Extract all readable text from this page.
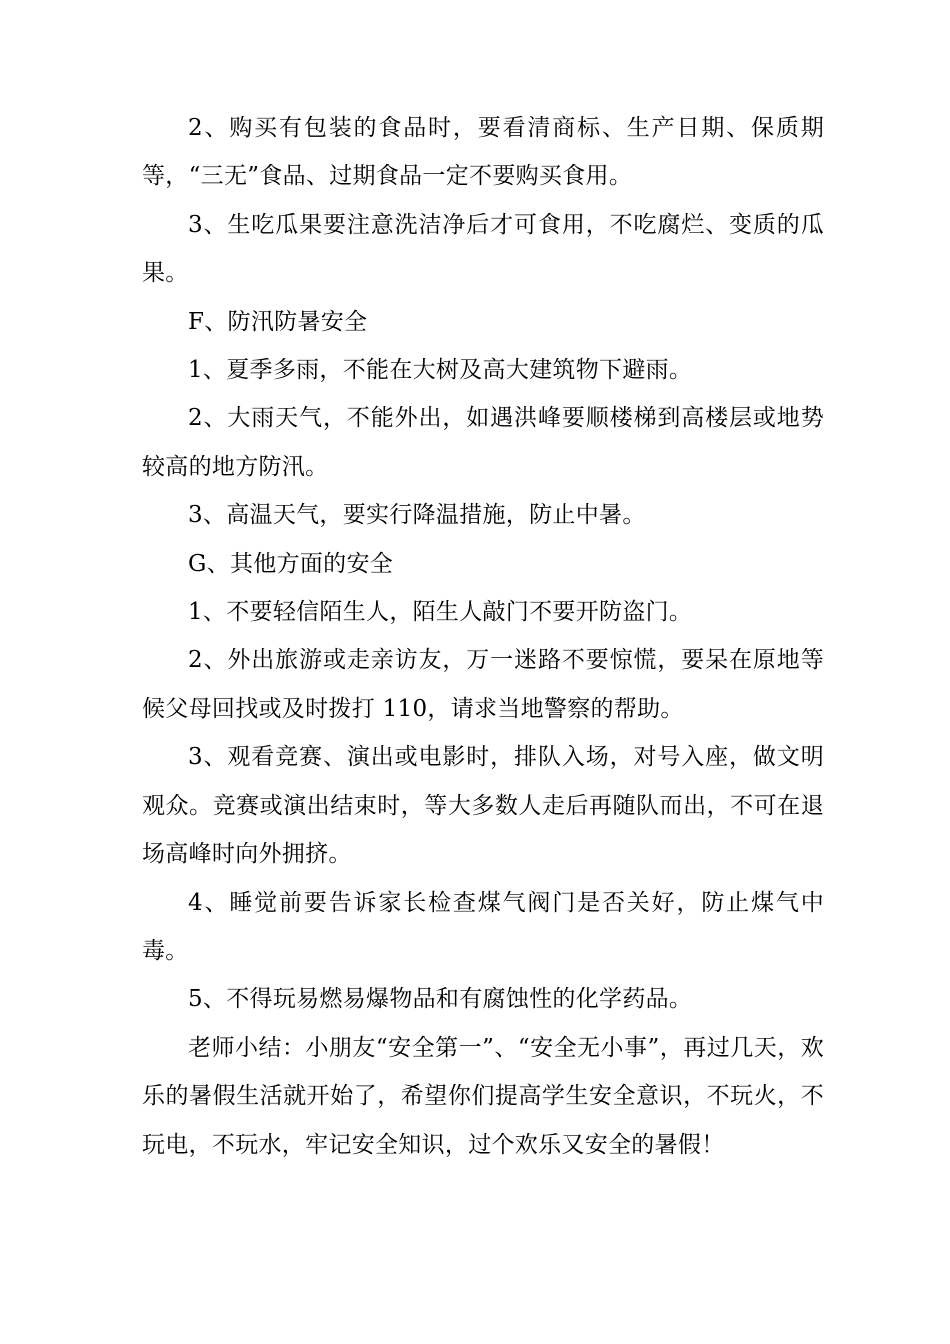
2、购买有包装的食品时，要看清商标、生产日期、保质期等，“三无”食品、过期食品一定不要购买食用。

3、生吃瓜果要注意洗洁净后才可食用，不吃腐烂、变质的瓜果。

F、防汛防暑安全

1、夏季多雨，不能在大树及高大建筑物下避雨。

2、大雨天气，不能外出，如遇洪峰要顺楼梯到高楼层或地势较高的地方防汛。

3、高温天气，要实行降温措施，防止中暑。

G、其他方面的安全

1、不要轻信陌生人，陌生人敲门不要开防盗门。

2、外出旅游或走亲访友，万一迷路不要惊慌，要呆在原地等候父母回找或及时拨打 110，请求当地警察的帮助。

3、观看竞赛、演出或电影时，排队入场，对号入座，做文明观众。竞赛或演出结束时，等大多数人走后再随队而出，不可在退场高峰时向外拥挤。

4、睡觉前要告诉家长检查煤气阀门是否关好，防止煤气中毒。

5、不得玩易燃易爆物品和有腐蚀性的化学药品。

老师小结：小朋友“安全第一”、“安全无小事”，再过几天，欢乐的暑假生活就开始了，希望你们提高学生安全意识，不玩火，不玩电，不玩水，牢记安全知识，过个欢乐又安全的暑假！
